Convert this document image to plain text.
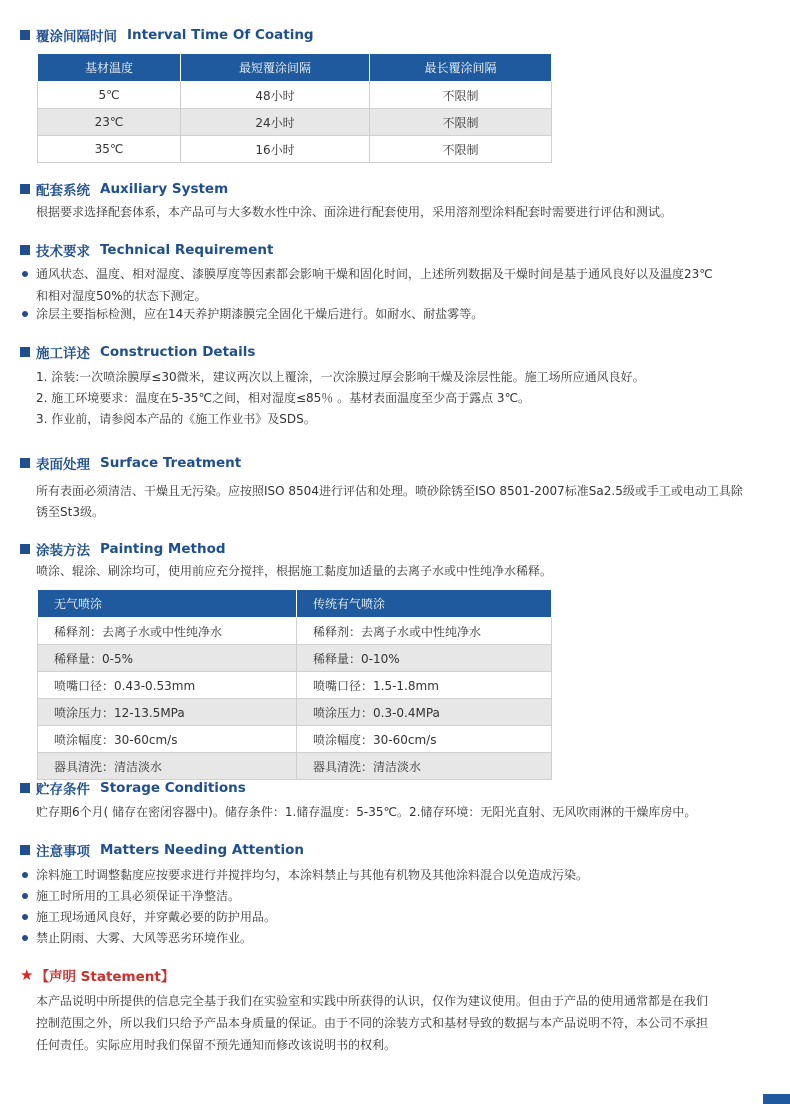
覆涂间隔时间 Interval Time Of Coating
基材温度	最短覆涂间隔	最长覆涂间隔
5℃	48小时	不限制
23℃	24小时	不限制
35℃	16小时	不限制
配套系统 Auxiliary System
根据要求选择配套体系，本产品可与大多数水性中涂、面涂进行配套使用，采用溶剂型涂料配套时需要进行评估和测试。
技术要求 Technical Requirement
通风状态、温度、相对湿度、漆膜厚度等因素都会影响干燥和固化时间，上述所列数据及干燥时间是基于通风良好以及温度23℃
和相对湿度50%的状态下测定。
涂层主要指标检测，应在14天养护期漆膜完全固化干燥后进行。如耐水、耐盐雾等。
施工详述 Construction Details
1. 涂装:一次喷涂膜厚≤30微米，建议两次以上覆涂，一次涂膜过厚会影响干燥及涂层性能。施工场所应通风良好。
2. 施工环境要求：温度在5-35℃之间，相对湿度≤85％ 。基材表面温度至少高于露点 3℃。
3. 作业前，请参阅本产品的《施工作业书》及SDS。
表面处理 Surface Treatment
所有表面必须清洁、干燥且无污染。应按照ISO 8504进行评估和处理。喷砂除锈至ISO 8501-2007标准Sa2.5级或手工或电动工具除
锈至St3级。
涂装方法 Painting Method
喷涂、辊涂、刷涂均可，使用前应充分搅拌，根据施工黏度加适量的去离子水或中性纯净水稀释。
无气喷涂	传统有气喷涂
稀释剂：去离子水或中性纯净水	稀释剂：去离子水或中性纯净水
稀释量：0-5%	稀释量：0-10%
喷嘴口径：0.43-0.53mm	喷嘴口径：1.5-1.8mm
喷涂压力：12-13.5MPa	喷涂压力：0.3-0.4MPa
喷涂幅度：30-60cm/s	喷涂幅度：30-60cm/s
器具清洗：清洁淡水	器具清洗：清洁淡水
贮存条件 Storage Conditions
贮存期6个月( 储存在密闭容器中)。储存条件：1.储存温度：5-35℃。2.储存环境：无阳光直射、无风吹雨淋的干燥库房中。
注意事项 Matters Needing Attention
涂料施工时调整黏度应按要求进行并搅拌均匀，本涂料禁止与其他有机物及其他涂料混合以免造成污染。
施工时所用的工具必须保证干净整洁。
施工现场通风良好，并穿戴必要的防护用品。
禁止阴雨、大雾、大风等恶劣环境作业。
★ 【声明 Statement】
本产品说明中所提供的信息完全基于我们在实验室和实践中所获得的认识，仅作为建议使用。但由于产品的使用通常都是在我们
控制范围之外，所以我们只给予产品本身质量的保证。由于不同的涂装方式和基材导致的数据与本产品说明不符，本公司不承担
任何责任。实际应用时我们保留不预先通知而修改该说明书的权利。
